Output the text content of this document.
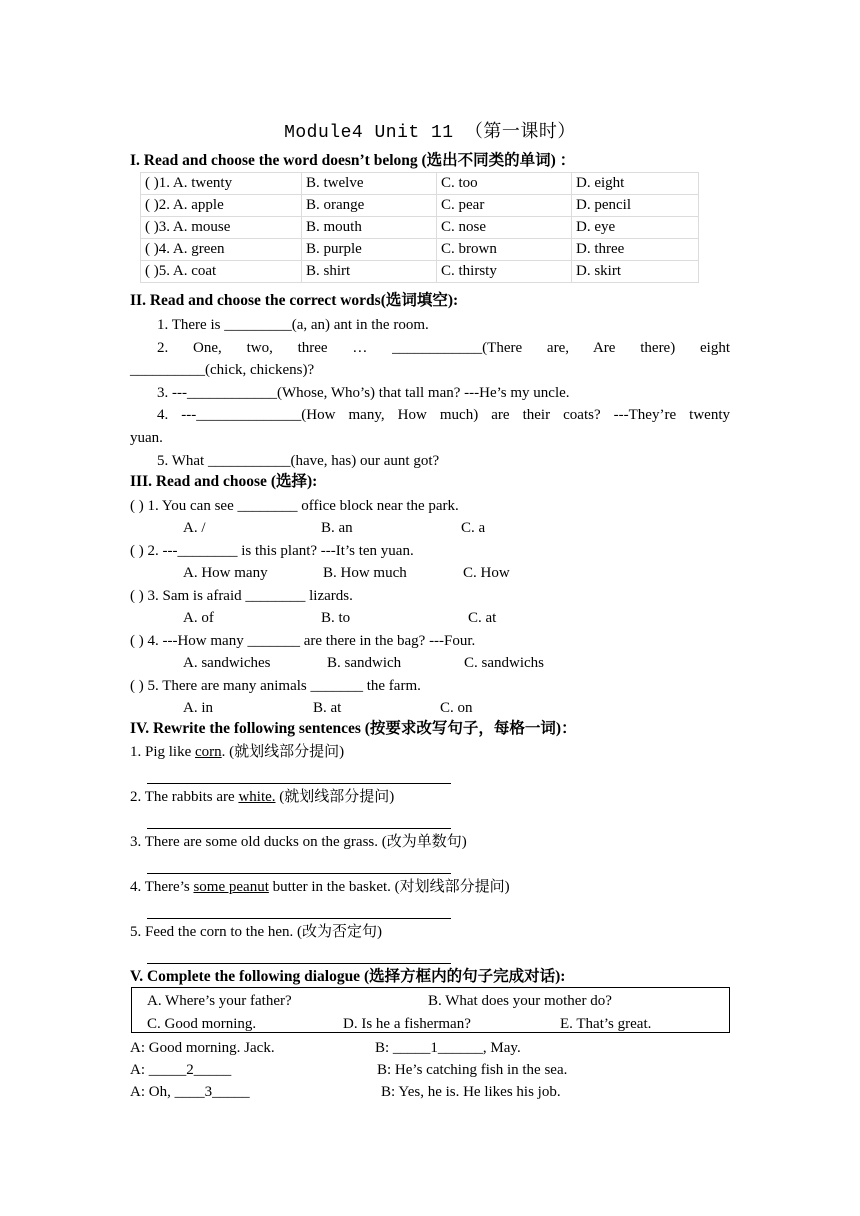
Module4 Unit 11 （第一课时）
I. Read and choose the word doesn’t belong (选出不同类的单词) ：
( )1. A. twenty	B. twelve	C. too	D. eight
( )2. A. apple	B. orange	C. pear	D. pencil
( )3. A. mouse	B. mouth	C. nose	D. eye
( )4. A. green	B. purple	C. brown	D. three
( )5. A. coat	B. shirt	C. thirsty	D. skirt
II. Read and choose the correct words(选词填空):
1. There is _________(a, an) ant in the room.
2. One, two, three … ____________(There are, Are there) eight
__________(chick, chickens)?
3. ---____________(Whose, Who’s) that tall man? ---He’s my uncle.
4. ---______________(How many, How much) are their coats? ---They’re twenty
yuan.
5. What ___________(have, has) our aunt got?
III. Read and choose (选择):
( ) 1. You can see ________ office block near the park.
A. /	B. an	C. a
( ) 2. ---________ is this plant? ---It’s ten yuan.
A. How many	B. How much	C. How
( ) 3. Sam is afraid ________ lizards.
A. of	B. to	C. at
( ) 4. ---How many _______ are there in the bag? ---Four.
A. sandwiches	B. sandwich	C. sandwichs
( ) 5. There are many animals _______ the farm.
A. in	B. at	C. on
IV. Rewrite the following sentences (按要求改写句子，每格一词)：
1. Pig like corn. (就划线部分提问)
2. The rabbits are white. (就划线部分提问)
3. There are some old ducks on the grass. (改为单数句)
4. There’s some peanut butter in the basket. (对划线部分提问)
5. Feed the corn to the hen. (改为否定句)
V. Complete the following dialogue (选择方框内的句子完成对话):
A. Where’s your father?	B. What does your mother do?
C. Good morning.	D. Is he a fisherman?	E. That’s great.
A: Good morning. Jack.	B: _____1______, May.
A: _____2_____	B: He’s catching fish in the sea.
A: Oh, ____3_____	B: Yes, he is. He likes his job.
